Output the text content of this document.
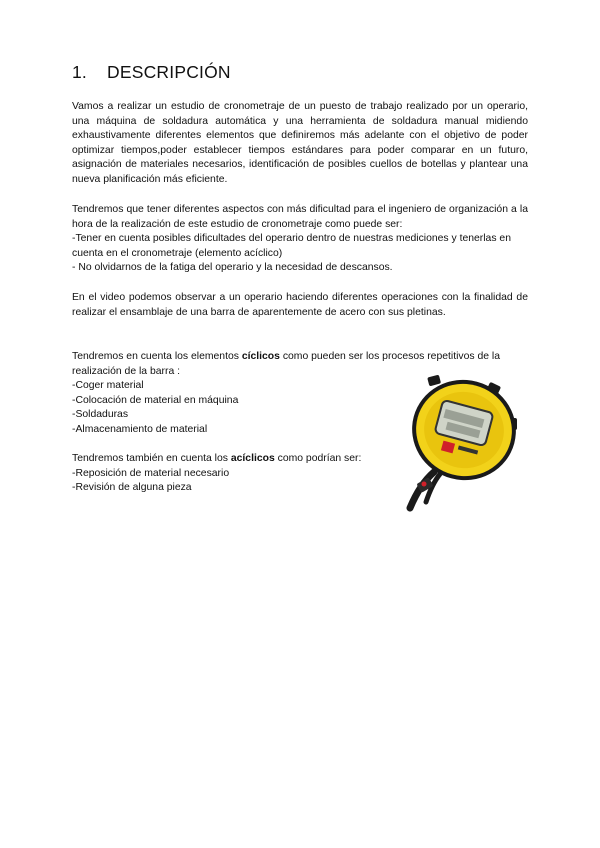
1. DESCRIPCIÓN

Vamos a realizar un estudio de cronometraje de un puesto de trabajo realizado por un operario, una máquina de soldadura automática y una herramienta de soldadura manual midiendo exhaustivamente diferentes elementos que definiremos más adelante con el objetivo de poder optimizar tiempos,poder establecer tiempos estándares para poder comparar en un futuro, asignación de materiales necesarios, identificación de posibles cuellos de botellas y plantear una nueva planificación más eficiente.

Tendremos que tener diferentes aspectos con más dificultad para el ingeniero de organización a la hora de la realización de este estudio de cronometraje como puede ser:
-Tener en cuenta posibles dificultades del operario dentro de nuestras mediciones y tenerlas en cuenta en el cronometraje (elemento acíclico)
- No olvidarnos de la fatiga del operario y la necesidad de descansos.

En el video podemos observar a un operario haciendo diferentes operaciones con la finalidad de realizar el ensamblaje de una barra de aparentemente de acero con sus pletinas.

Tendremos en cuenta los elementos cíclicos como pueden ser los procesos repetitivos de la realización de la barra :
-Coger material
-Colocación de material en máquina
-Soldaduras
-Almacenamiento de material
Tendremos también en cuenta los acíclicos como podrían ser:
-Reposición de material necesario
-Revisión de alguna pieza
